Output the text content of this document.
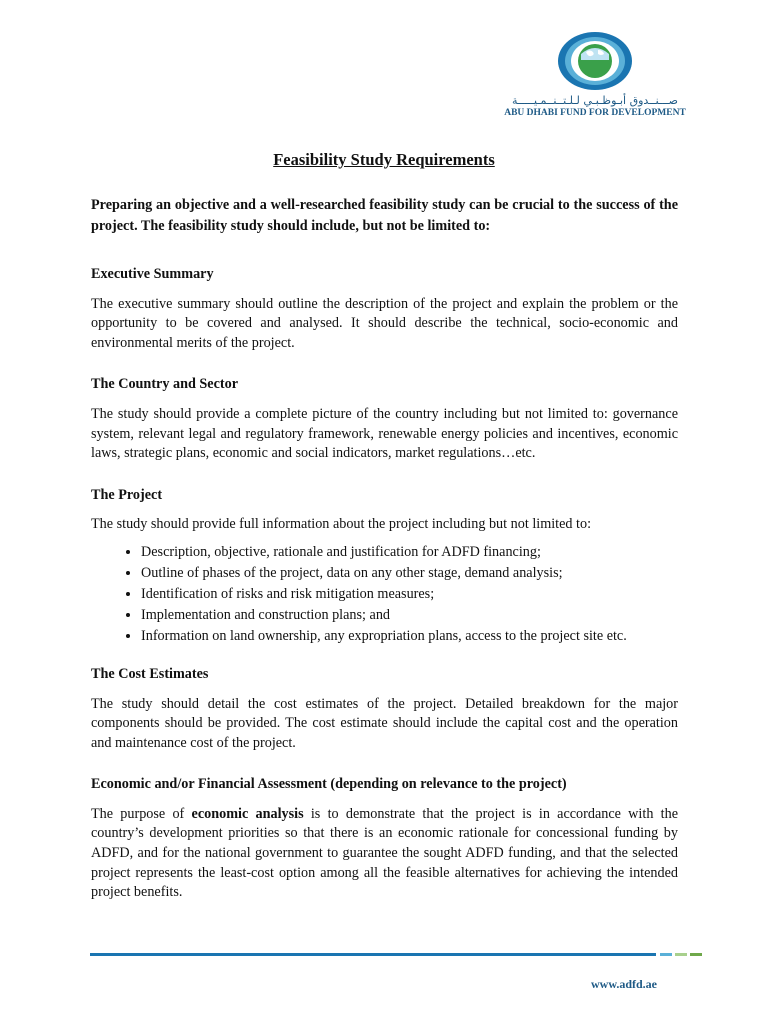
صـــنــدوق أبـوظـبـي لـلـتــنــمـيـــــة
ABU DHABI FUND FOR DEVELOPMENT
Feasibility Study Requirements

Preparing an objective and a well-researched feasibility study can be crucial to the success of the project. The feasibility study should include, but not be limited to:

Executive Summary

The executive summary should outline the description of the project and explain the problem or the opportunity to be covered and analysed. It should describe the technical, socio-economic and environmental merits of the project.

The Country and Sector

The study should provide a complete picture of the country including but not limited to: governance system, relevant legal and regulatory framework, renewable energy policies and incentives, economic laws, strategic plans, economic and social indicators, market regulations…etc.

The Project

The study should provide full information about the project including but not limited to:

• Description, objective, rationale and justification for ADFD financing;
• Outline of phases of the project, data on any other stage, demand analysis;
• Identification of risks and risk mitigation measures;
• Implementation and construction plans; and
• Information on land ownership, any expropriation plans, access to the project site etc.
The Cost Estimates

The study should detail the cost estimates of the project. Detailed breakdown for the major components should be provided. The cost estimate should include the capital cost and the operation and maintenance cost of the project.

Economic and/or Financial Assessment (depending on relevance to the project)

The purpose of economic analysis is to demonstrate that the project is in accordance with the country’s development priorities so that there is an economic rationale for concessional funding by ADFD, and for the national government to guarantee the sought ADFD funding, and that the selected project represents the least-cost option among all the feasible alternatives for achieving the intended project benefits.

www.adfd.ae
